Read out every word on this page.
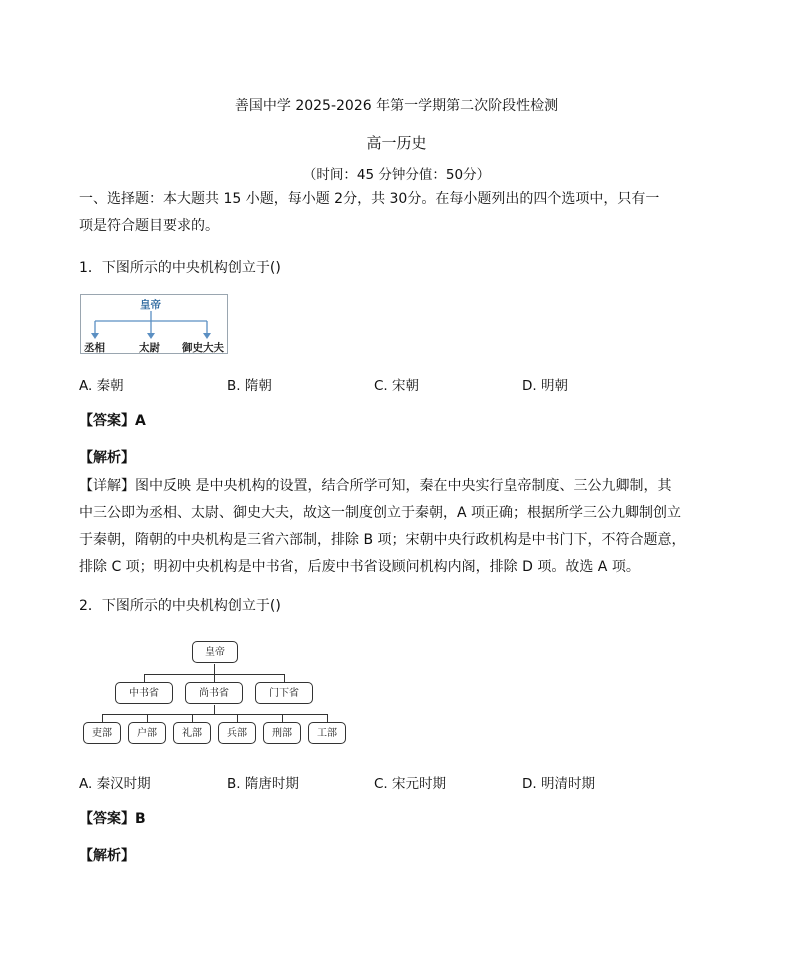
善国中学 2025-2026 年第一学期第二次阶段性检测
高一历史
（时间：45 分钟分值：50分）
一、选择题：本大题共 15 小题，每小题 2分，共 30分。在每小题列出的四个选项中，只有一
项是符合题目要求的。
1．下图所示的中央机构创立于()
皇帝
丞相	太尉 御史大夫
A. 秦朝	B. 隋朝	C. 宋朝	D. 明朝
【答案】A
【解析】
【详解】图中反映 是中央机构的设置，结合所学可知，秦在中央实行皇帝制度、三公九卿制，其
中三公即为丞相、太尉、御史大夫，故这一制度创立于秦朝，A 项正确；根据所学三公九卿制创立
于秦朝，隋朝的中央机构是三省六部制，排除 B 项；宋朝中央行政机构是中书门下，不符合题意，
排除 C 项；明初中央机构是中书省，后废中书省设顾问机构内阁，排除 D 项。故选 A 项。
2．下图所示的中央机构创立于()
皇帝
中书省	尚书省	门下省
吏部	户部	礼部	兵部	刑部	工部
A. 秦汉时期	B. 隋唐时期	C. 宋元时期	D. 明清时期
【答案】B
【解析】
